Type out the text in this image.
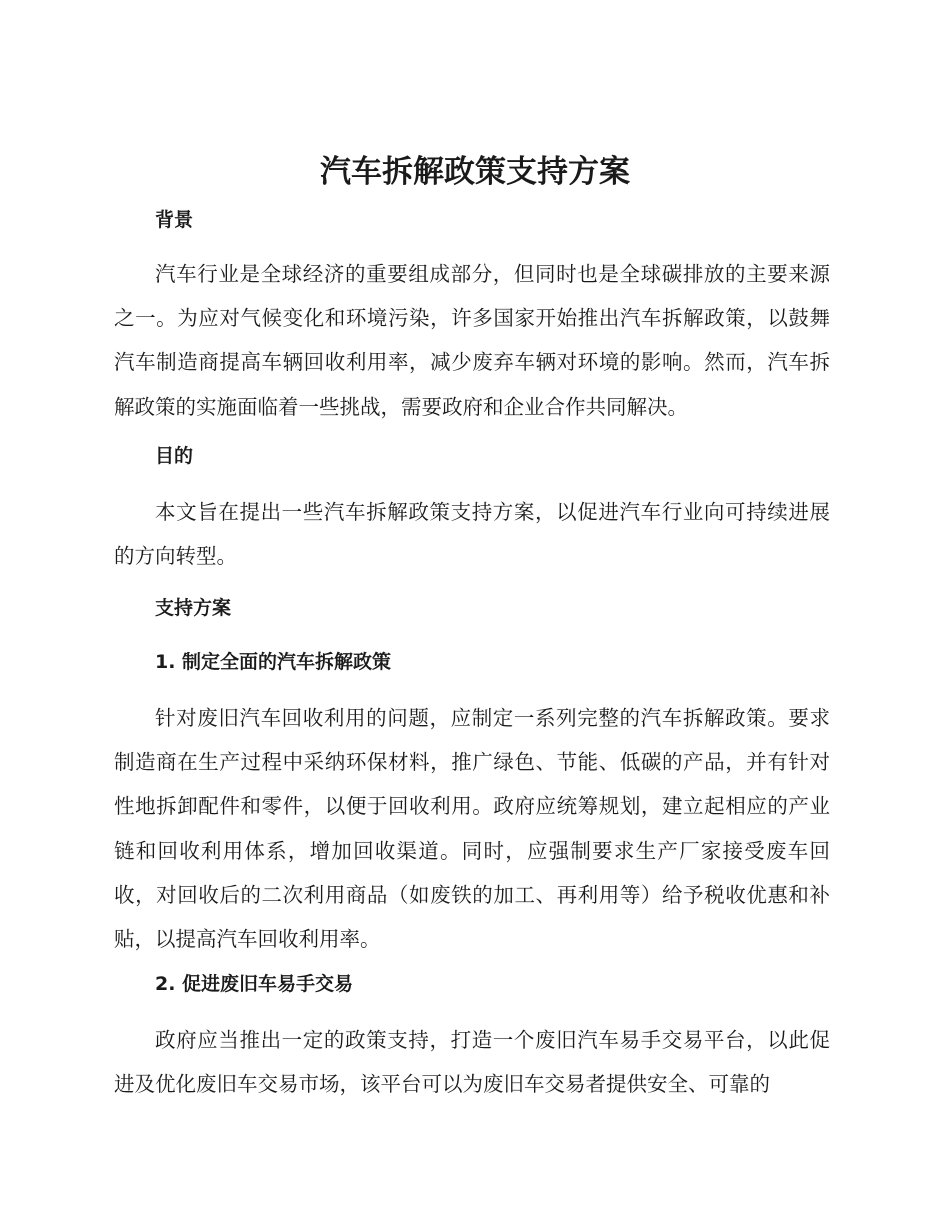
汽车拆解政策支持方案
背景

汽车行业是全球经济的重要组成部分，但同时也是全球碳排放的主要来源之一。为应对气候变化和环境污染，许多国家开始推出汽车拆解政策，以鼓舞汽车制造商提高车辆回收利用率，减少废弃车辆对环境的影响。然而，汽车拆解政策的实施面临着一些挑战，需要政府和企业合作共同解决。

目的

本文旨在提出一些汽车拆解政策支持方案，以促进汽车行业向可持续进展的方向转型。

支持方案
1. 制定全面的汽车拆解政策

针对废旧汽车回收利用的问题，应制定一系列完整的汽车拆解政策。要求制造商在生产过程中采纳环保材料，推广绿色、节能、低碳的产品，并有针对性地拆卸配件和零件，以便于回收利用。政府应统筹规划，建立起相应的产业链和回收利用体系，增加回收渠道。同时，应强制要求生产厂家接受废车回收，对回收后的二次利用商品（如废铁的加工、再利用等）给予税收优惠和补贴，以提高汽车回收利用率。

2. 促进废旧车易手交易

政府应当推出一定的政策支持，打造一个废旧汽车易手交易平台，以此促进及优化废旧车交易市场，该平台可以为废旧车交易者提供安全、可靠的
